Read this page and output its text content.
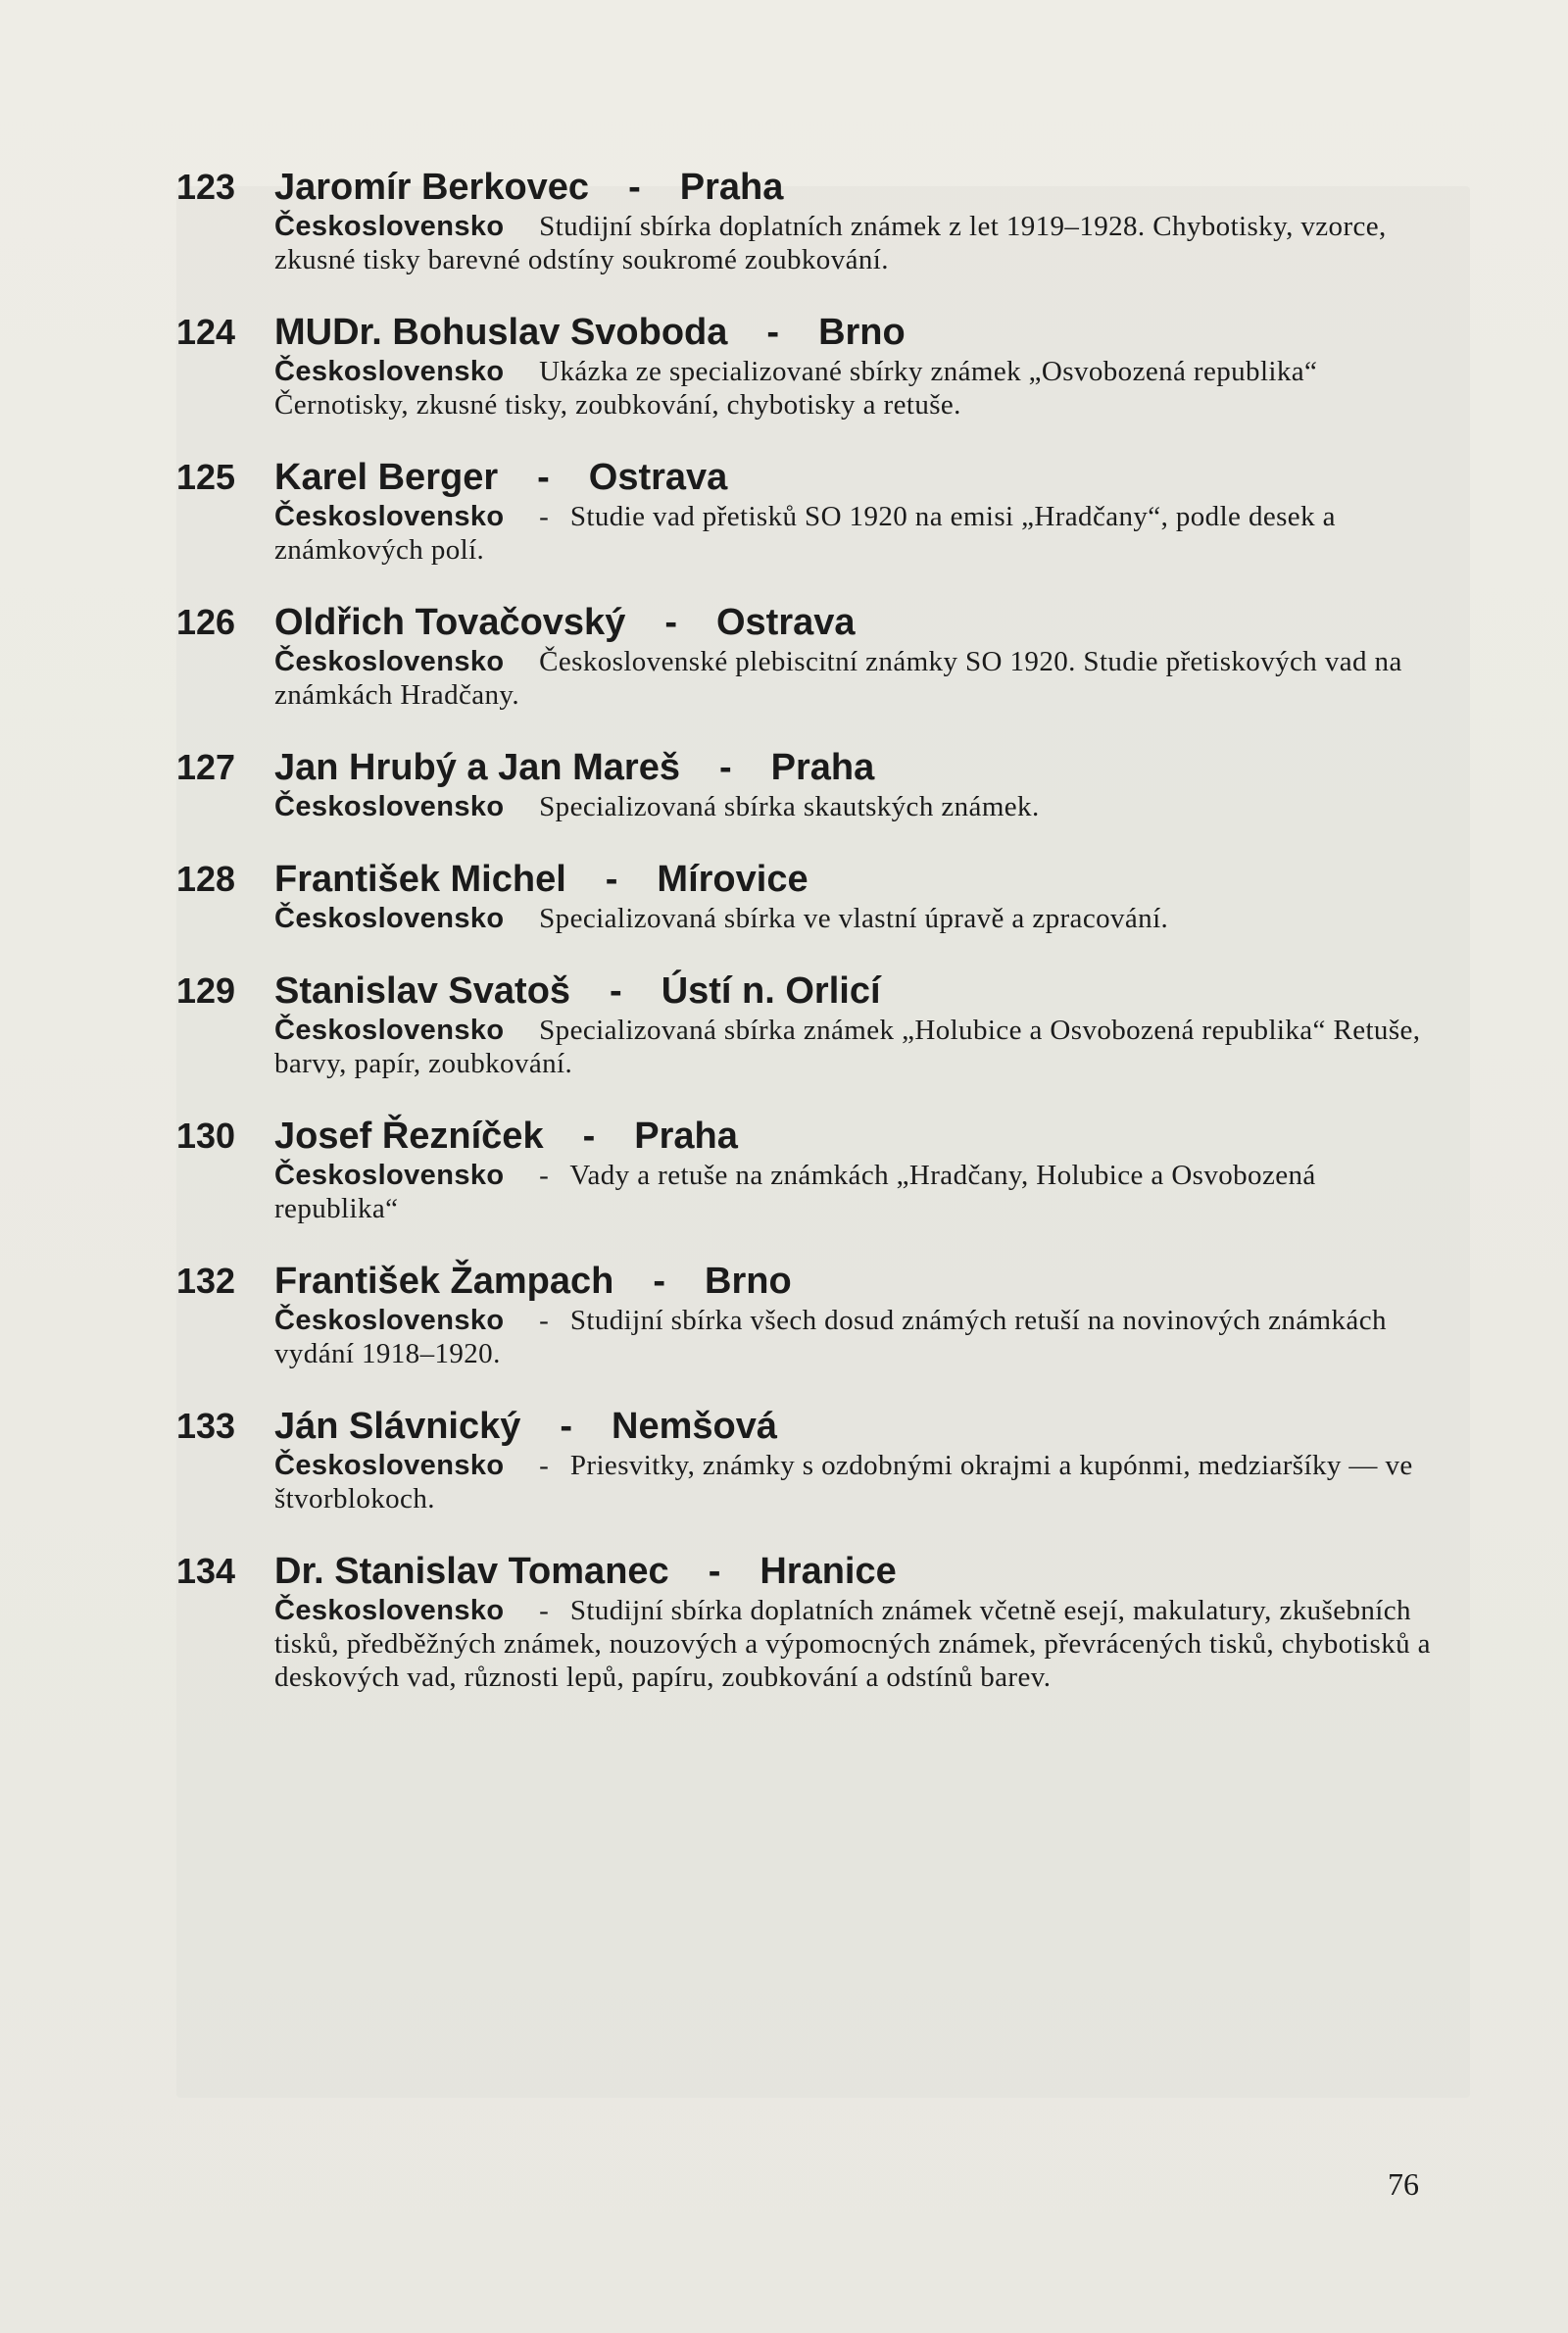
123	Jaromír Berkovec - Praha
Československo Studijní sbírka doplatních známek z let 1919–1928. Chybotisky, vzorce, zkusné tisky barevné odstíny soukromé zoubkování.
124	MUDr. Bohuslav Svoboda - Brno
Československo Ukázka ze specializované sbírky známek „Osvobozená republika“ Černotisky, zkusné tisky, zoubkování, chybotisky a retuše.
125	Karel Berger - Ostrava
Československo - Studie vad přetisků SO 1920 na emisi „Hradčany“, podle desek a známkových polí.
126	Oldřich Tovačovský - Ostrava
Československo Československé plebiscitní známky SO 1920. Studie přetiskových vad na známkách Hradčany.
127	Jan Hrubý a Jan Mareš - Praha
Československo Specializovaná sbírka skautských známek.
128	František Michel - Mírovice
Československo Specializovaná sbírka ve vlastní úpravě a zpracování.
129	Stanislav Svatoš - Ústí n. Orlicí
Československo Specializovaná sbírka známek „Holubice a Osvobozená republika“ Retuše, barvy, papír, zoubkování.
130	Josef Řezníček - Praha
Československo - Vady a retuše na známkách „Hradčany, Holubice a Osvobozená republika“
132	František Žampach - Brno
Československo - Studijní sbírka všech dosud známých retuší na novinových známkách vydání 1918–1920.
133	Ján Slávnický - Nemšová
Československo - Priesvitky, známky s ozdobnými okrajmi a kupónmi, medziaršíky — ve štvorblokoch.
134	Dr. Stanislav Tomanec - Hranice
Československo - Studijní sbírka doplatních známek včetně esejí, makulatury, zkušebních tisků, předběžných známek, nouzových a výpomocných známek, převrácených tisků, chybotisků a deskových vad, různosti lepů, papíru, zoubkování a odstínů barev.
76
